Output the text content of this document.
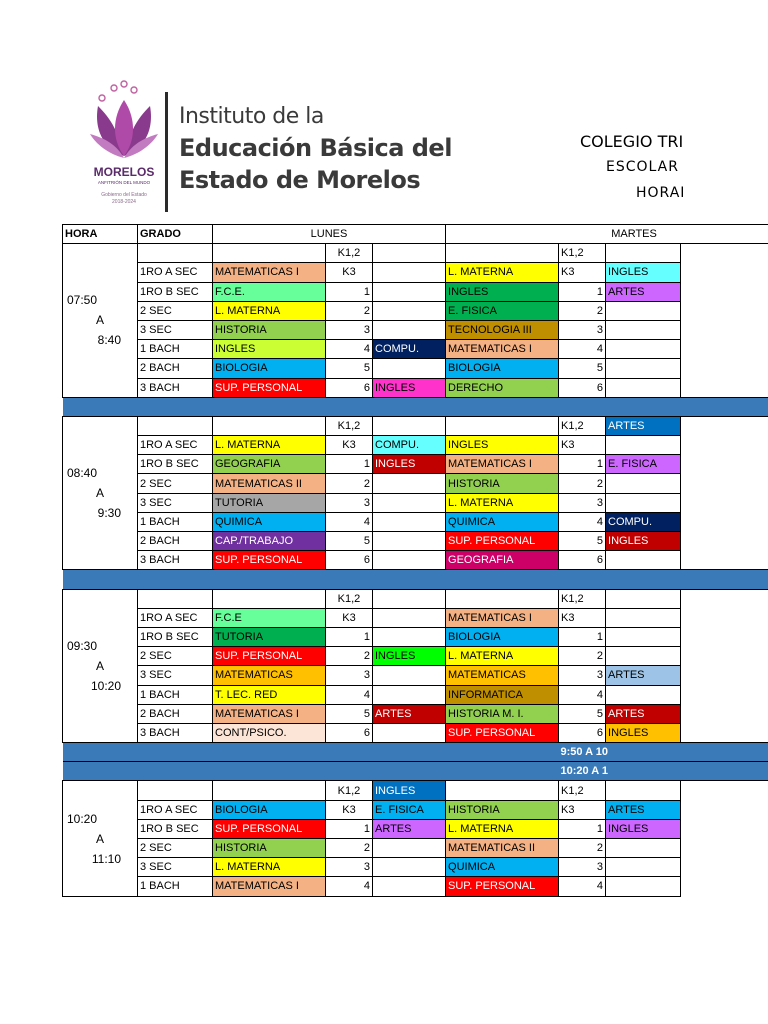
MORELOS
ANFITRIÓN DEL MUNDO
Gobierno del Estado
2018-2024
Instituto de la
Educación Básica del
Estado de Morelos
COLEGIO TRI
ESCOLAR
HORAI
HORA	GRADO	LUNES			MARTES			

07:50
A
8:40			K1,2			K1,2		
	1RO A SEC	MATEMATICAS I	K3		L. MATERNA	K3	INGLES	
	1RO B SEC	F.C.E.	1		INGLES	1	ARTES	
	2 SEC	L. MATERNA	2		E. FISICA	2		
	3 SEC	HISTORIA	3		TECNOLOGIA III	3		
	1 BACH	INGLES	4	COMPU.	MATEMATICAS I	4		
	2 BACH	BIOLOGIA	5		BIOLOGIA	5		
	3 BACH	SUP. PERSONAL	6	INGLES	DERECHO	6		

08:40
A
9:30			K1,2			K1,2	ARTES	
	1RO A SEC	L. MATERNA	K3	COMPU.	INGLES	K3		
	1RO B SEC	GEOGRAFIA	1	INGLES	MATEMATICAS I	1	E. FISICA	
	2 SEC	MATEMATICAS II	2		HISTORIA	2		
	3 SEC	TUTORIA	3		L. MATERNA	3		
	1 BACH	QUIMICA	4		QUIMICA	4	COMPU.	
	2 BACH	CAP./TRABAJO	5		SUP. PERSONAL	5	INGLES	
	3 BACH	SUP. PERSONAL	6		GEOGRAFIA	6		

09:30
A
10:20			K1,2			K1,2		
	1RO A SEC	F.C.E	K3		MATEMATICAS I	K3		
	1RO B SEC	TUTORIA	1		BIOLOGIA	1		
	2 SEC	SUP. PERSONAL	2	INGLES	L. MATERNA	2		
	3 SEC	MATEMATICAS	3		MATEMATICAS	3	ARTES	
	1 BACH	T. LEC. RED	4		INFORMATICA	4		
	2 BACH	MATEMATICAS I	5	ARTES	HISTORIA M. I.	5	ARTES	
	3 BACH	CONT/PSICO.	6		SUP. PERSONAL	6	INGLES	
						9:50 A 10		
						10:20 A 1		

10:20
A
11:10			K1,2	INGLES		K1,2		
	1RO A SEC	BIOLOGIA	K3	E. FISICA	HISTORIA	K3	ARTES	
	1RO B SEC	SUP. PERSONAL	1	ARTES	L. MATERNA	1	INGLES	
	2 SEC	HISTORIA	2		MATEMATICAS II	2		
	3 SEC	L. MATERNA	3		QUIMICA	3		
	1 BACH	MATEMATICAS I	4		SUP. PERSONAL	4		
